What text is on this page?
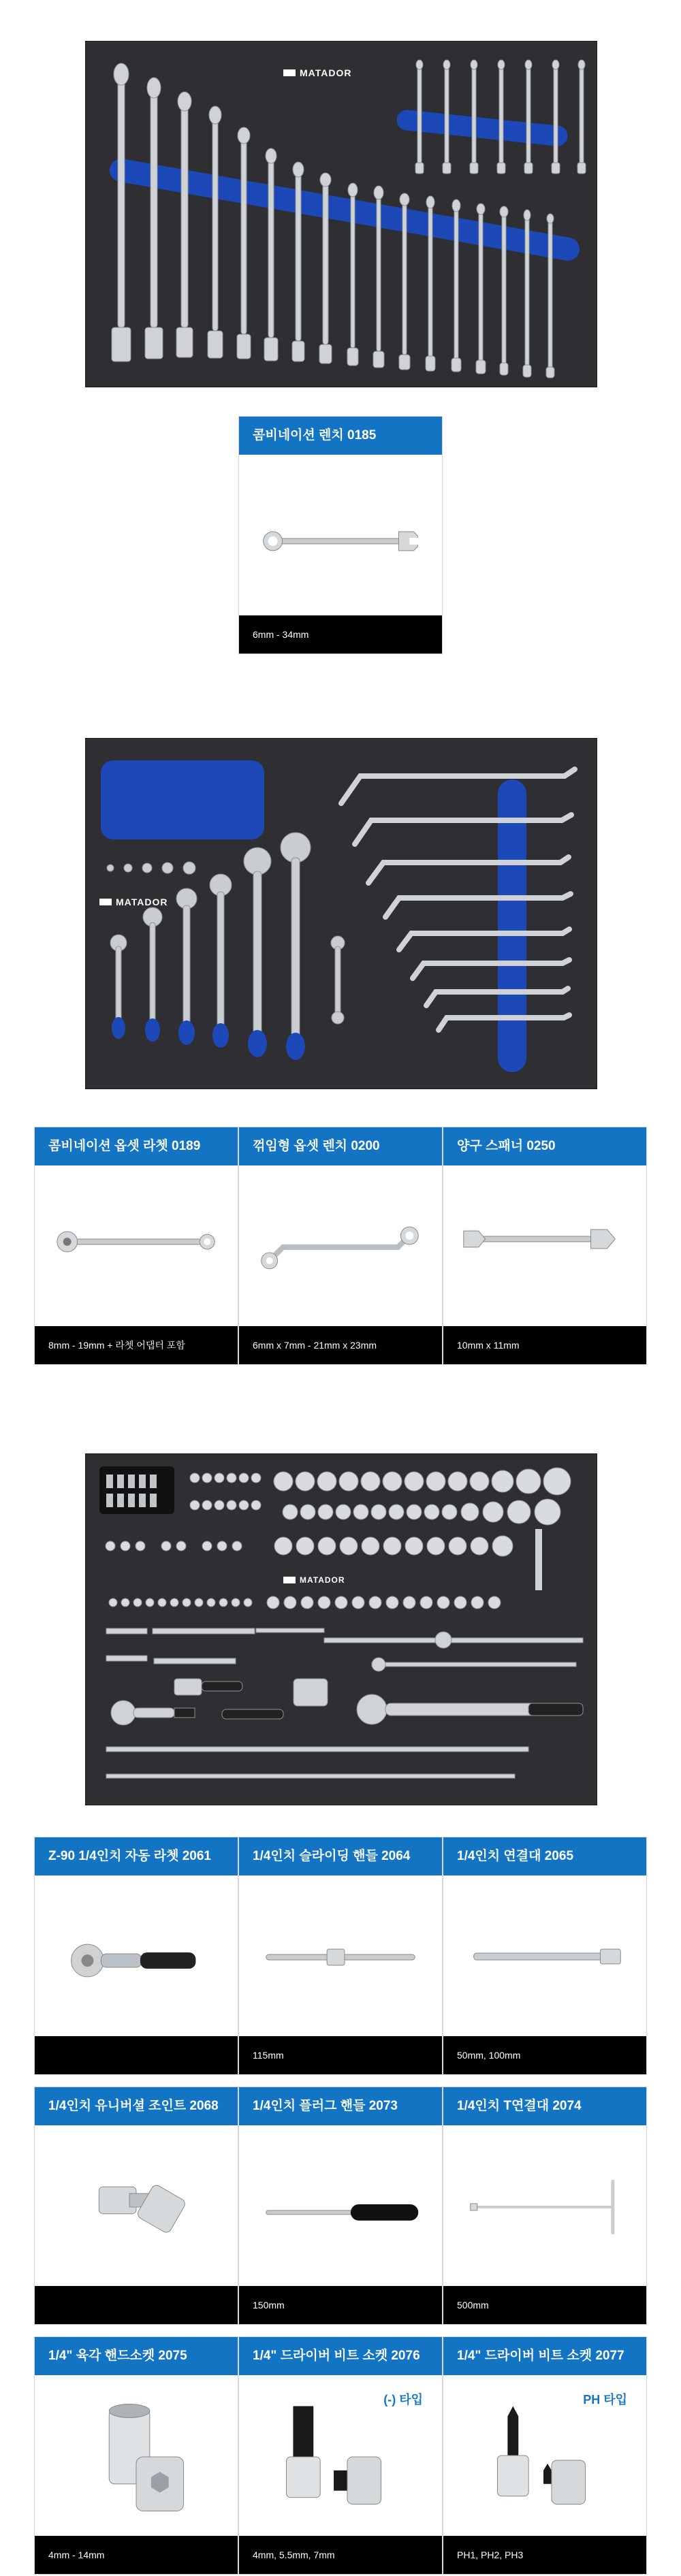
MATADOR
콤비네이션 렌치 0185
6mm - 34mm
MATADOR
콤비네이션 옵셋 라쳇 0189
8mm - 19mm + 라쳇 어댑터 포함
꺾임형 옵셋 렌치 0200
6mm x 7mm - 21mm x 23mm
양구 스패너 0250
10mm x 11mm
MATADOR
Z-90 1/4인치 자동 라쳇 2061	1/4인치 슬라이딩 핸들 2064
115mm
1/4인치 연결대 2065
50mm, 100mm
1/4인치 유니버셜 조인트 2068	1/4인치 플러그 핸들 2073
150mm
1/4인치 T연결대 2074
500mm
1/4" 육각 핸드소켓 2075
4mm - 14mm
1/4" 드라이버 비트 소켓 2076
(-) 타입
4mm, 5.5mm, 7mm
1/4" 드라이버 비트 소켓 2077
PH 타입
PH1, PH2, PH3
